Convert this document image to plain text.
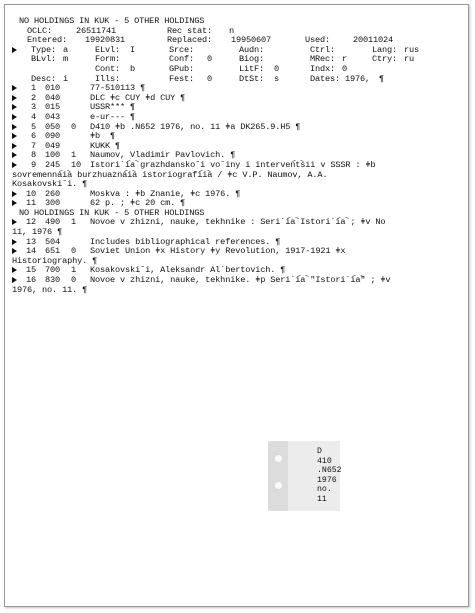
NO HOLDINGS IN KUK - 5 OTHER HOLDINGS
OCLC:	26511741	Rec stat: n
Entered: 19920831	Replaced: 19950607	Used:	20011024
Type: a	ELvl: I	Srce:	Audn:	Ctrl:	Lang: rus
BLvl: m	Form:	Conf: 0	Biog:	MRec: r	Ctry: ru
Cont: b	GPub:	LitF: 0	Indx: 0
Desc: i	Ills:	Fest: 0	DtSt: s	Dates: 1976, ¶
1 010	77-510113 ¶
2 040	DLC ǂc CUY ǂd CUY ¶
3 015	USSR*** ¶
4 043	e-ur--- ¶
5 050 0 D410 ǂb .N652 1976, no. 11 ǂa DK265.9.H5 ¶
6 090	ǂb  ¶
7 049	KUKK ¶
8 100 1 Naumov, Vladimir Pavlovich. ¶
9 245 10 Istori´i︠a︡ grazhdansko˘i vo˘iny i interven︠t︡sii v SSSR : ǂb
sovremenna︠i︡a burzhuazna︠i︡a istoriografi︠i︡a / ǂc V.P. Naumov, A.A.
Kosakovski˘i. ¶
10 260	Moskva : ǂb Znanie, ǂc 1976. ¶
11 300	62 p. ; ǂc 20 cm. ¶
NO HOLDINGS IN KUK - 5 OTHER HOLDINGS
12 490 1 Novoe v zhizni, nauke, tekhnike : Seri´i︠a︡ Istori´i︠a︡ ; ǂv No
11, 1976 ¶
13 504	Includes bibliographical references. ¶
14 651 0 Soviet Union ǂx History ǂy Revolution, 1917-1921 ǂx
Historiography. ¶
15 700 1 Kosakovski˘i, Aleksandr Al´bertovich. ¶
16 830 0 Novoe v zhizni, nauke, tekhnike. ǂp Seri´i︠a︡ "Istori´i︠a︡" ; ǂv
1976, no. 11. ¶
D
410
.N652
1976
no.
11
